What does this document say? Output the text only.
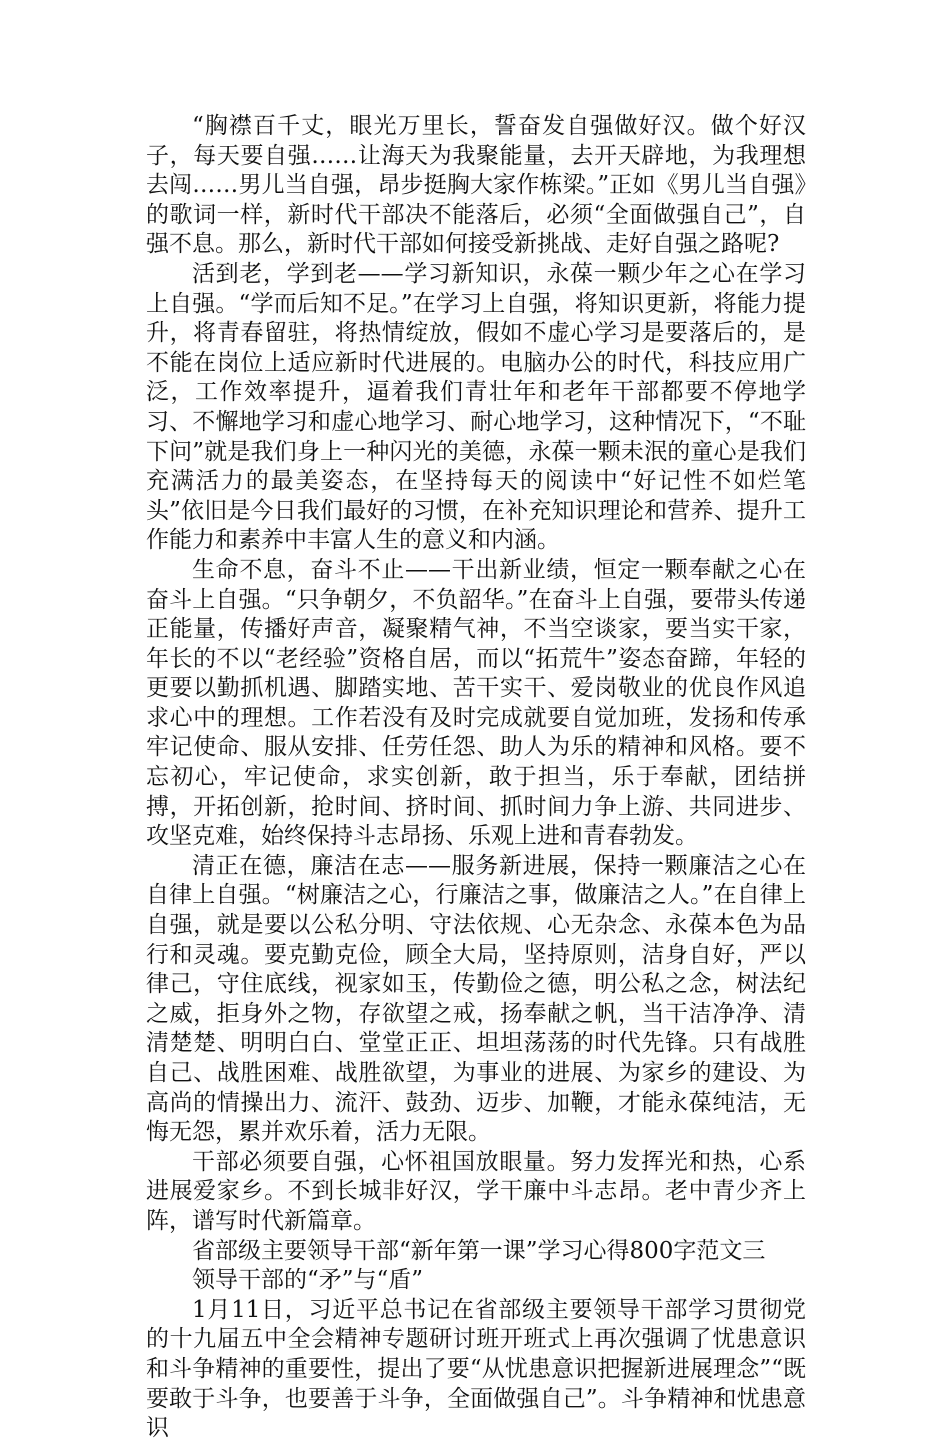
“胸襟百千丈，眼光万里长，誓奋发自强做好汉。做个好汉子，每天要自强……让海天为我聚能量，去开天辟地，为我理想去闯……男儿当自强，昂步挺胸大家作栋梁。”正如《男儿当自强》的歌词一样，新时代干部决不能落后，必须“全面做强自己”，自强不息。那么，新时代干部如何接受新挑战、走好自强之路呢?

活到老，学到老——学习新知识，永葆一颗少年之心在学习上自强。“学而后知不足。”在学习上自强，将知识更新，将能力提升，将青春留驻，将热情绽放，假如不虚心学习是要落后的，是不能在岗位上适应新时代进展的。电脑办公的时代，科技应用广泛，工作效率提升，逼着我们青壮年和老年干部都要不停地学习、不懈地学习和虚心地学习、耐心地学习，这种情况下，“不耻下问”就是我们身上一种闪光的美德，永葆一颗未泯的童心是我们充满活力的最美姿态，在坚持每天的阅读中“好记性不如烂笔头”依旧是今日我们最好的习惯，在补充知识理论和营养、提升工作能力和素养中丰富人生的意义和内涵。

生命不息，奋斗不止——干出新业绩，恒定一颗奉献之心在奋斗上自强。“只争朝夕，不负韶华。”在奋斗上自强，要带头传递正能量，传播好声音，凝聚精气神，不当空谈家，要当实干家，年长的不以“老经验”资格自居，而以“拓荒牛”姿态奋蹄，年轻的更要以勤抓机遇、脚踏实地、苦干实干、爱岗敬业的优良作风追求心中的理想。工作若没有及时完成就要自觉加班，发扬和传承牢记使命、服从安排、任劳任怨、助人为乐的精神和风格。要不忘初心，牢记使命，求实创新，敢于担当，乐于奉献，团结拼搏，开拓创新，抢时间、挤时间、抓时间力争上游、共同进步、攻坚克难，始终保持斗志昂扬、乐观上进和青春勃发。

清正在德，廉洁在志——服务新进展，保持一颗廉洁之心在自律上自强。“树廉洁之心，行廉洁之事，做廉洁之人。”在自律上自强，就是要以公私分明、守法依规、心无杂念、永葆本色为品行和灵魂。要克勤克俭，顾全大局，坚持原则，洁身自好，严以律己，守住底线，视家如玉，传勤俭之德，明公私之念，树法纪之威，拒身外之物，存欲望之戒，扬奉献之帆，当干洁净净、清清楚楚、明明白白、堂堂正正、坦坦荡荡的时代先锋。只有战胜自己、战胜困难、战胜欲望，为事业的进展、为家乡的建设、为高尚的情操出力、流汗、鼓劲、迈步、加鞭，才能永葆纯洁，无悔无怨，累并欢乐着，活力无限。

干部必须要自强，心怀祖国放眼量。努力发挥光和热，心系进展爱家乡。不到长城非好汉，学干廉中斗志昂。老中青少齐上阵，谱写时代新篇章。

省部级主要领导干部“新年第一课”学习心得800字范文三

领导干部的“矛”与“盾”

1月11日，习近平总书记在省部级主要领导干部学习贯彻党的十九届五中全会精神专题研讨班开班式上再次强调了忧患意识和斗争精神的重要性，提出了要“从忧患意识把握新进展理念”“既要敢于斗争，也要善于斗争，全面做强自己”。斗争精神和忧患意识
